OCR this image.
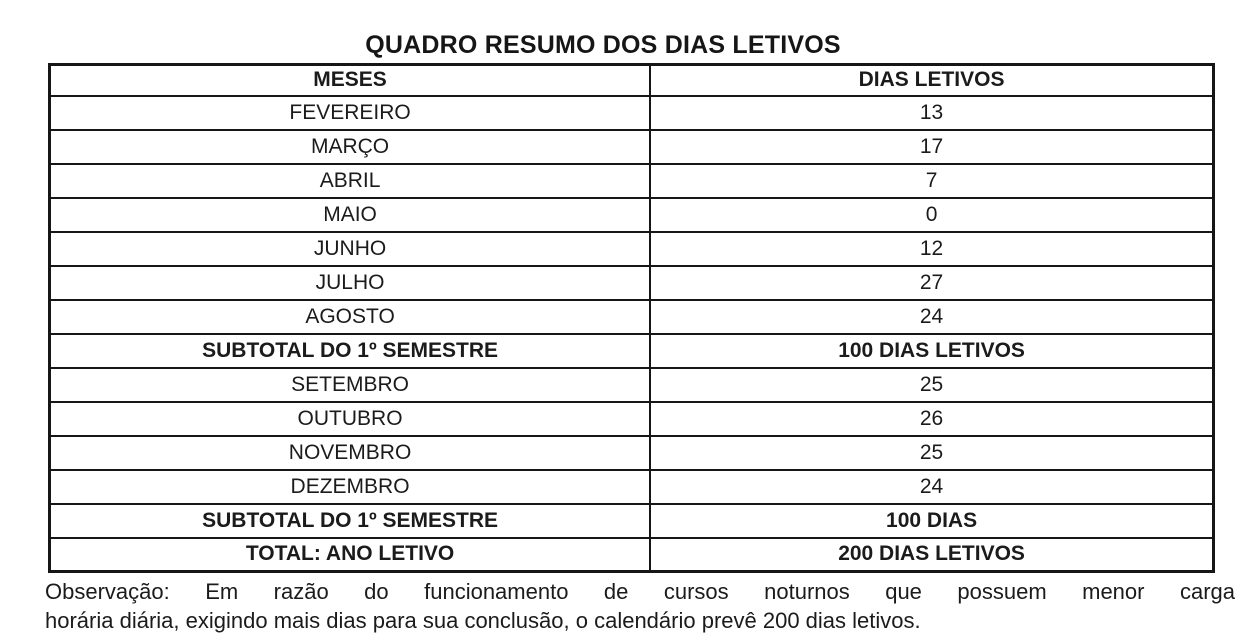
QUADRO RESUMO DOS DIAS LETIVOS
MESES	DIAS LETIVOS
FEVEREIRO	13
MARÇO	17
ABRIL	7
MAIO	0
JUNHO	12
JULHO	27
AGOSTO	24
SUBTOTAL DO 1º SEMESTRE	100 DIAS LETIVOS
SETEMBRO	25
OUTUBRO	26
NOVEMBRO	25
DEZEMBRO	24
SUBTOTAL DO 1º SEMESTRE	100 DIAS
TOTAL: ANO LETIVO	200 DIAS LETIVOS
Observação: Em razão do funcionamento de cursos noturnos que possuem menor carga
horária diária, exigindo mais dias para sua conclusão, o calendário prevê 200 dias letivos.
